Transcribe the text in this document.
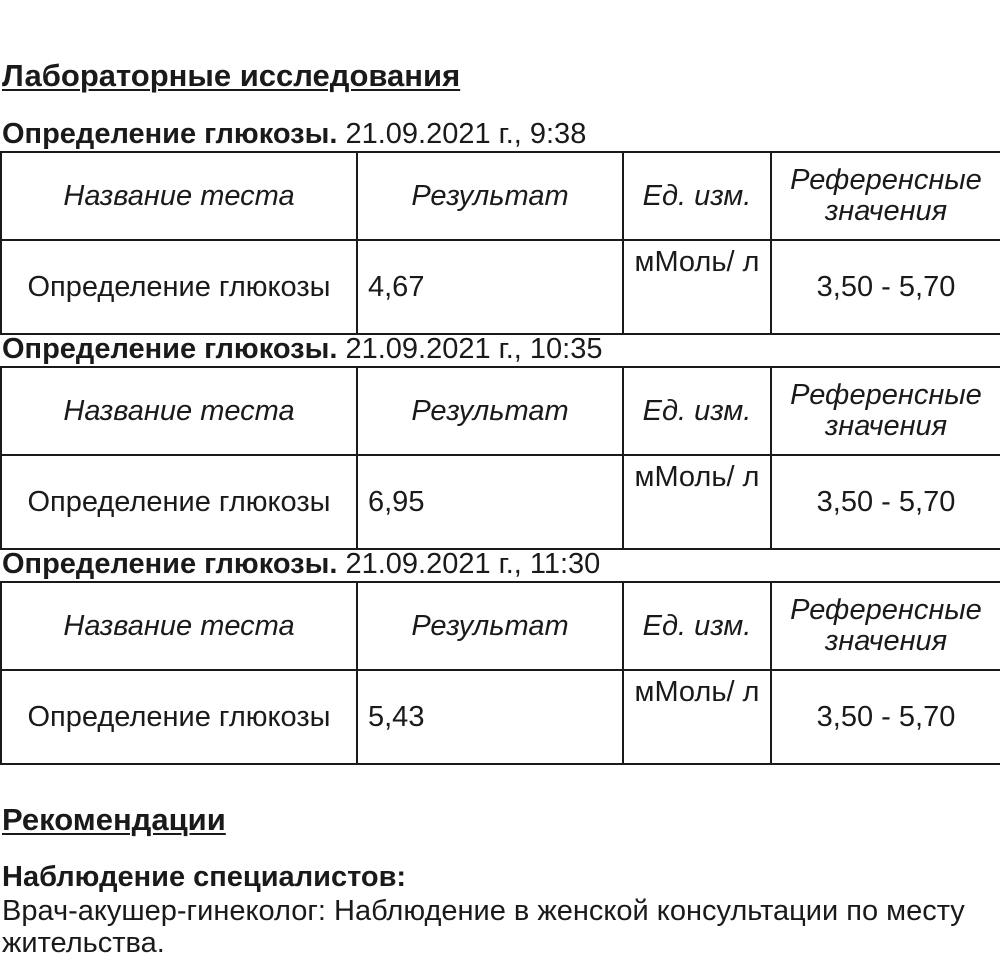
Лабораторные исследования
Определение глюкозы. 21.09.2021 г., 9:38
Название теста	Результат	Ед. изм.	Референсные значения
Определение глюкозы	4,67	мМоль/ л	3,50 - 5,70
Определение глюкозы. 21.09.2021 г., 10:35
Название теста	Результат	Ед. изм.	Референсные значения
Определение глюкозы	6,95	мМоль/ л	3,50 - 5,70
Определение глюкозы. 21.09.2021 г., 11:30
Название теста	Результат	Ед. изм.	Референсные значения
Определение глюкозы	5,43	мМоль/ л	3,50 - 5,70
Рекомендации
Наблюдение специалистов:

Врач-акушер-гинеколог: Наблюдение в женской консультации по месту жительства.
